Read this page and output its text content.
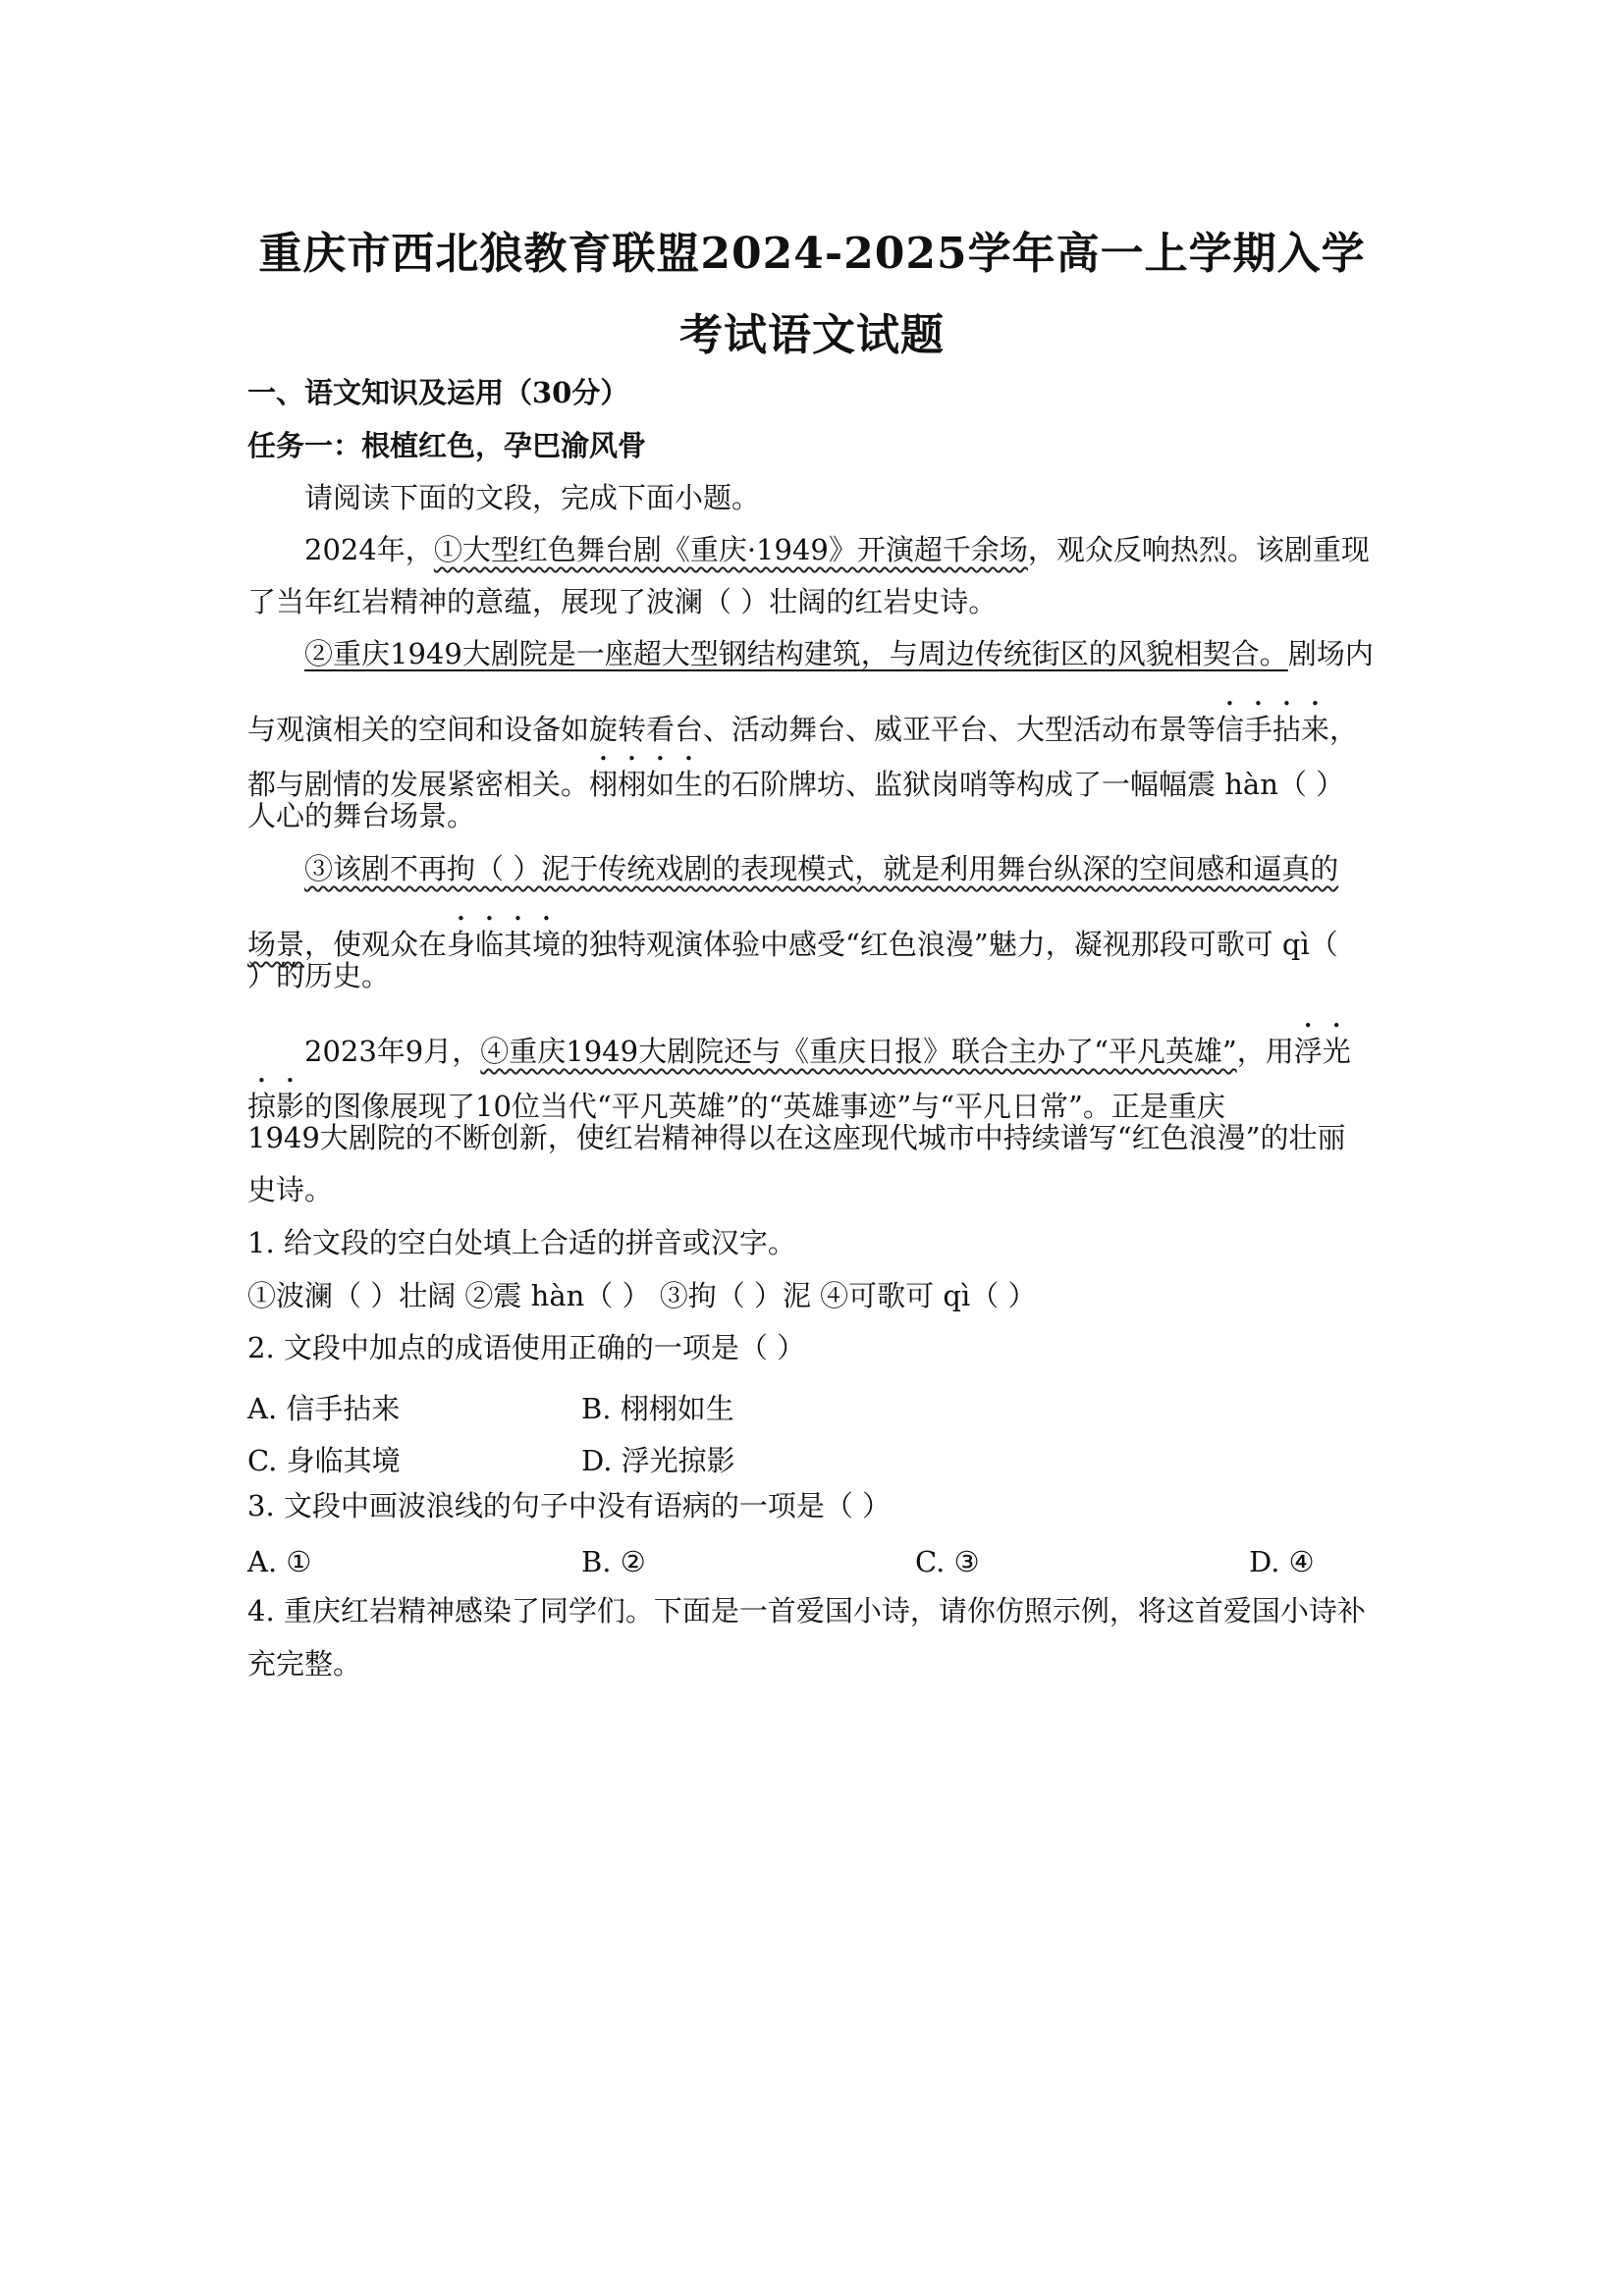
重庆市西北狼教育联盟2024-2025学年高一上学期入学
考试语文试题
一、语文知识及运用（30分）
任务一：根植红色，孕巴渝风骨
请阅读下面的文段，完成下面小题。
2024年，①大型红色舞台剧《重庆·1949》开演超千余场，观众反响热烈。该剧重现
了当年红岩精神的意蕴，展现了波澜（ ）壮阔的红岩史诗。
②重庆1949大剧院是一座超大型钢结构建筑，与周边传统街区的风貌相契合。剧场内
与观演相关的空间和设备如旋转看台、活动舞台、威亚平台、大型活动布景等信手拈来，
都与剧情的发展紧密相关。栩栩如生的石阶牌坊、监狱岗哨等构成了一幅幅震 hàn（ ）
人心的舞台场景。
③该剧不再拘（ ）泥于传统戏剧的表现模式，就是利用舞台纵深的空间感和逼真的
场景，使观众在身临其境的独特观演体验中感受“红色浪漫”魅力，凝视那段可歌可 qì（
）的历史。
2023年9月，④重庆1949大剧院还与《重庆日报》联合主办了“平凡英雄”，用浮光
掠影的图像展现了10位当代“平凡英雄”的“英雄事迹”与“平凡日常”。正是重庆
1949大剧院的不断创新，使红岩精神得以在这座现代城市中持续谱写“红色浪漫”的壮丽
史诗。
1. 给文段的空白处填上合适的拼音或汉字。
①波澜（ ）壮阔 ②震 hàn（ ） ③拘（ ）泥 ④可歌可 qì（ ）
2. 文段中加点的成语使用正确的一项是（ ）
A. 信手拈来	B. 栩栩如生
C. 身临其境	D. 浮光掠影
3. 文段中画波浪线的句子中没有语病的一项是（ ）
A. ①	B. ②	C. ③	D. ④
4. 重庆红岩精神感染了同学们。下面是一首爱国小诗，请你仿照示例，将这首爱国小诗补
充完整。
